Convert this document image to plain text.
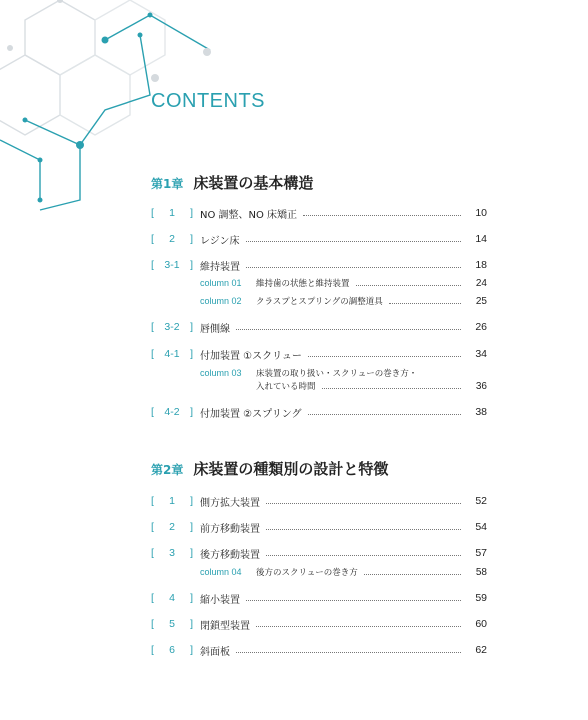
CONTENTS
第1章 床装置の基本構造
[	1	] NO 調整、NO 床矯正	10
[	2	] レジン床	14
[ 3-1 ] 維持装置	18
column 01	維持歯の状態と維持装置	24
column 02	クラスプとスプリングの調整道具	25
[ 3-2 ] 唇側線	26
[ 4-1 ] 付加装置 ①スクリュー	34
column 03	床装置の取り扱い・スクリューの巻き方・
入れている時間	36
[ 4-2 ] 付加装置 ②スプリング	38
第2章 床装置の種類別の設計と特徴
[	1	] 側方拡大装置	52
[	2	] 前方移動装置	54
[	3	] 後方移動装置	57
column 04	後方のスクリューの巻き方	58
[	4	] 縮小装置	59
[	5	] 閉鎖型装置	60
[	6	] 斜面板	62
